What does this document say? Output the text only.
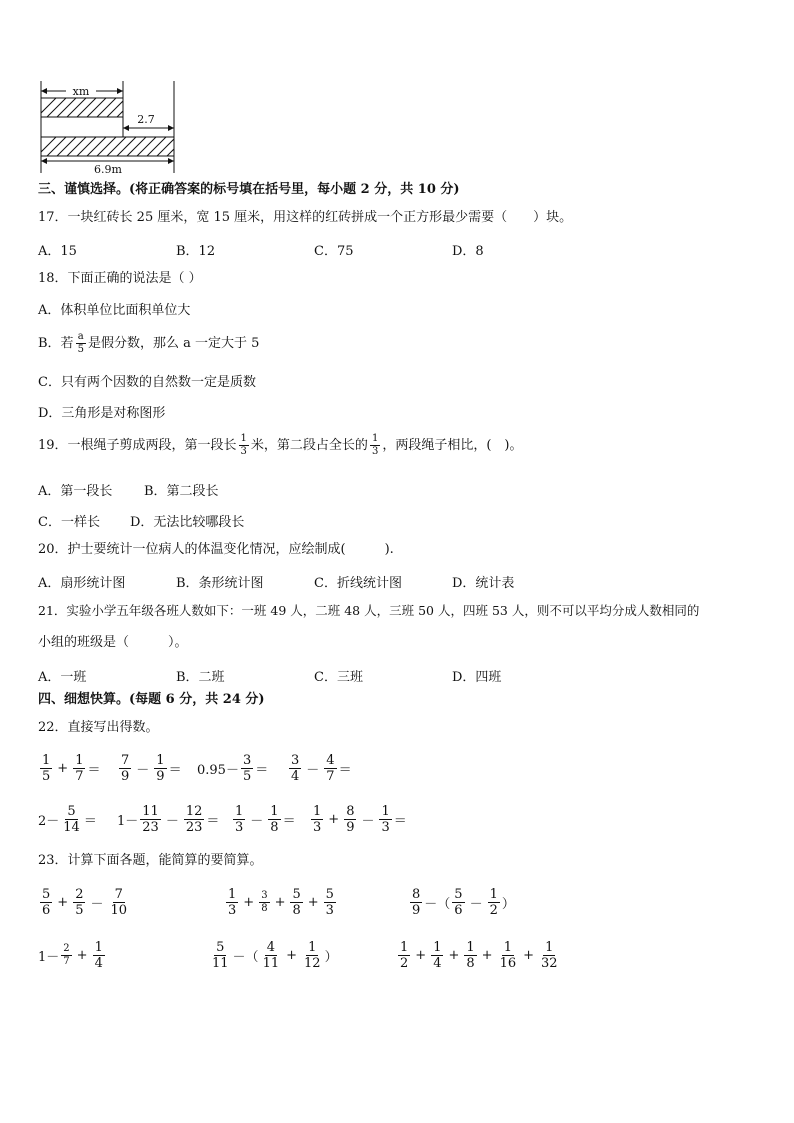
xm
2.7
6.9m
三、谨慎选择。(将正确答案的标号填在括号里，每小题 2 分，共 10 分)
17．一块红砖长 25 厘米，宽 15 厘米，用这样的红砖拼成一个正方形最少需要（　　）块。
A．15	B．12	C．75	D．8
18．下面正确的说法是（ ）
A．体积单位比面积单位大
B．若 $\frac{a}{5}$ 是假分数，那么 a 一定大于 5
C．只有两个因数的自然数一定是质数
D．三角形是对称图形
19．一根绳子剪成两段，第一段长 $\frac{1}{3}$ 米，第二段占全长的 $\frac{1}{3}$ ，两段绳子相比，(　)。
A．第一段长 B．第二段长
C．一样长 D．无法比较哪段长
20．护士要统计一位病人的体温变化情况，应绘制成(　　　).
A．扇形统计图	B．条形统计图	C．折线统计图	D．统计表
21．实验小学五年级各班人数如下：一班 49 人，二班 48 人，三班 50 人，四班 53 人，则不可以平均分成人数相同的
小组的班级是（　　　）。
A．一班	B．二班	C．三班	D．四班
四、细想快算。(每题 6 分，共 24 分)
22．直接写出得数。
$\frac{1}{5} + \frac{1}{7} = \frac{7}{9} - \frac{1}{9} = 0.95- \frac{3}{5} = \frac{3}{4} - \frac{4}{7}$ ＝
$2- \frac{5}{14} = 1- \frac{11}{23} - \frac{12}{23} = \frac{1}{3} - \frac{1}{8} = \frac{1}{3} + \frac{8}{9} - \frac{1}{3}$ ＝
23．计算下面各题，能简算的要简算。
$\frac{5}{6} + \frac{2}{5} - \frac{7}{10}$	$\frac{1}{3} + \frac{3}{8} + \frac{5}{8} + \frac{5}{3}$	$\frac{8}{9}$ －（ $\frac{5}{6} - \frac{1}{2}$ ）
$1- \frac{2}{7} + \frac{1}{4}$	$\frac{5}{11}$ －（ $\frac{4}{11} + \frac{1}{12}$ ）	$\frac{1}{2} + \frac{1}{4} + \frac{1}{8} + \frac{1}{16} + \frac{1}{32}$
